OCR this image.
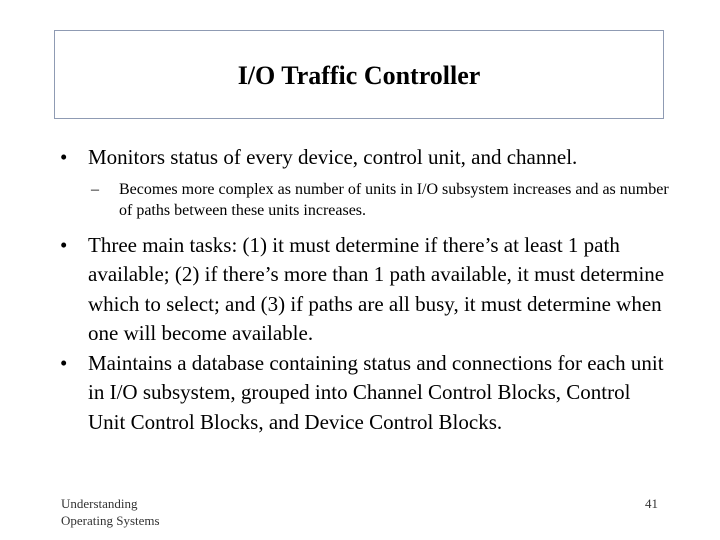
I/O Traffic Controller
• Monitors status of every device, control unit, and channel.
–	Becomes more complex as number of units in I/O subsystem increases and as number of paths between these units increases.
• Three main tasks: (1) it must determine if there’s at least 1 path available; (2) if there’s more than 1 path available, it must determine which to select; and (3) if paths are all busy, it must determine when one will become available.
• Maintains a database containing status and connections for each unit in I/O subsystem, grouped into Channel Control Blocks, Control Unit Control Blocks, and Device Control Blocks.
Understanding
Operating Systems
41
